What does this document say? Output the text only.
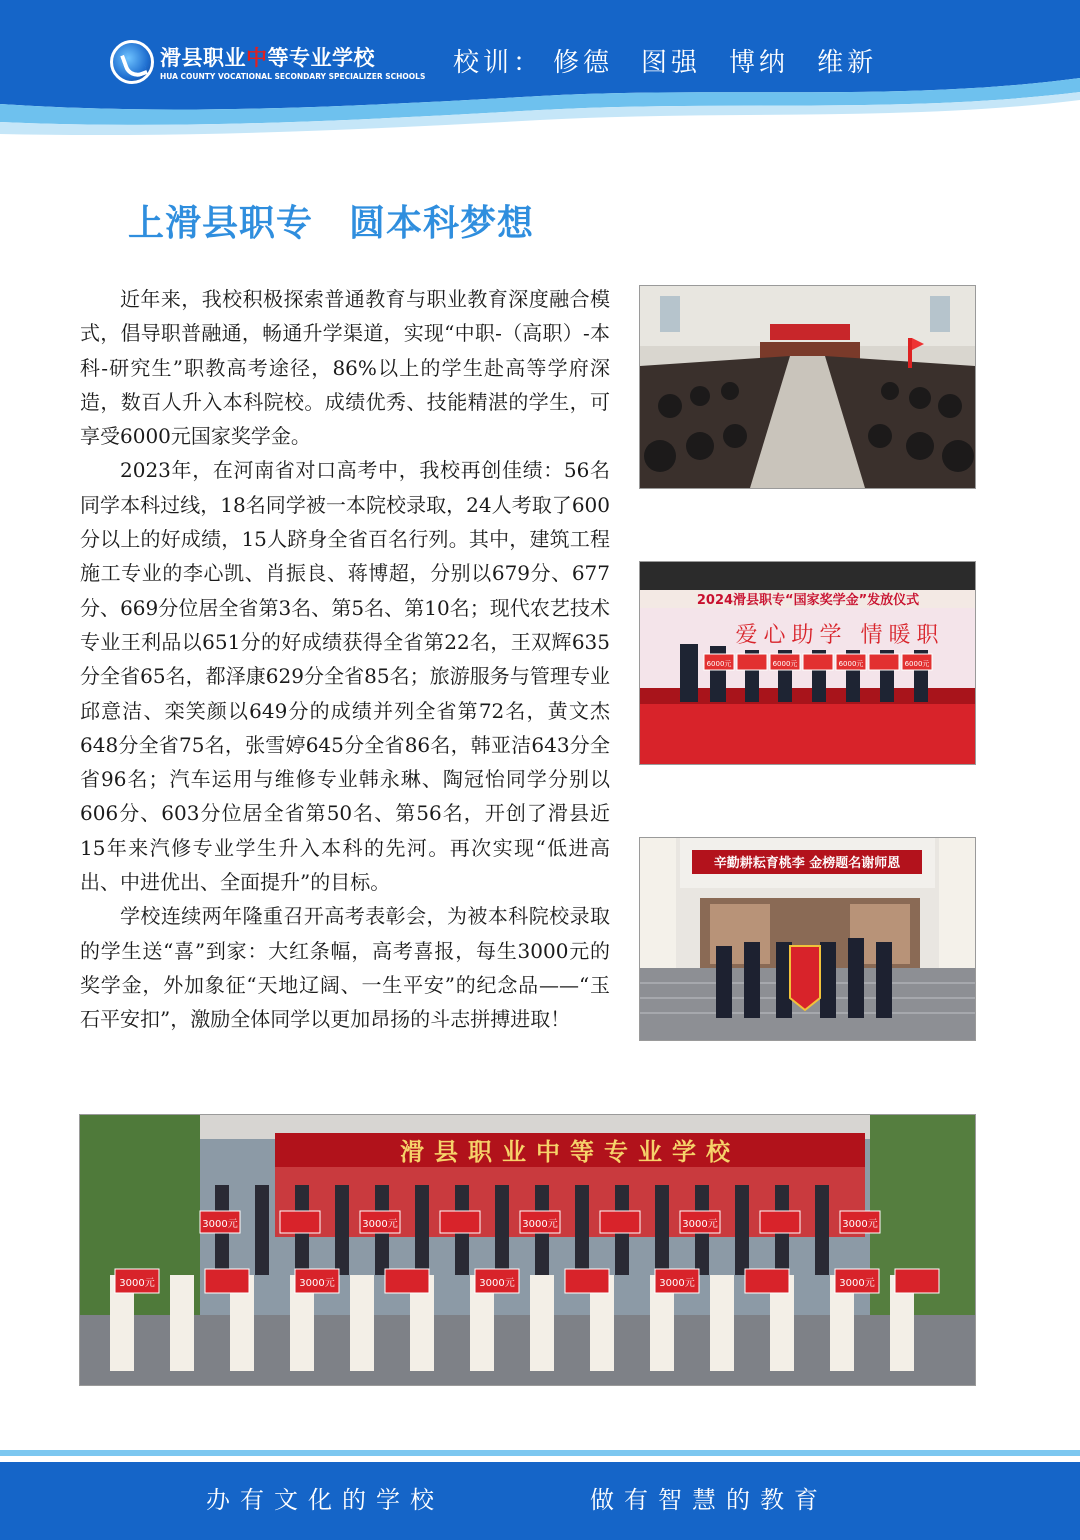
滑县职业中等专业学校
HUA COUNTY VOCATIONAL SECONDARY SPECIALIZER SCHOOLS 校训： 修德 图强 博纳 维新
上滑县职专 圆本科梦想

近年来，我校积极探索普通教育与职业教育深度融合模式，倡导职普融通，畅通升学渠道，实现“中职-（高职）-本科-研究生”职教高考途径，86%以上的学生赴高等学府深造，数百人升入本科院校。成绩优秀、技能精湛的学生，可享受6000元国家奖学金。

2023年，在河南省对口高考中，我校再创佳绩：56名同学本科过线，18名同学被一本院校录取，24人考取了600分以上的好成绩，15人跻身全省百名行列。其中，建筑工程施工专业的李心凯、肖振良、蒋博超，分别以679分、677分、669分位居全省第3名、第5名、第10名；现代农艺技术专业王利品以651分的好成绩获得全省第22名，王双辉635分全省65名，都泽康629分全省85名；旅游服务与管理专业邱意洁、栾笑颜以649分的成绩并列全省第72名，黄文杰648分全省75名，张雪婷645分全省86名，韩亚洁643分全省96名；汽车运用与维修专业韩永琳、陶冠怡同学分别以606分、603分位居全省第50名、第56名，开创了滑县近15年来汽修专业学生升入本科的先河。再次实现“低进高出、中进优出、全面提升”的目标。

学校连续两年隆重召开高考表彰会，为被本科院校录取的学生送“喜”到家：大红条幅，高考喜报，每生3000元的奖学金，外加象征“天地辽阔、一生平安”的纪念品——“玉石平安扣”，激励全体同学以更加昂扬的斗志拼搏进取！

2024滑县职专“国家奖学金”发放仪式
爱心助学 情暖职
6000元	6000元	6000元	6000元
辛勤耕耘育桃李 金榜题名谢师恩
滑县职业中等专业学校
3000元	3000元	3000元	3000元	3000元
3000元	3000元	3000元	3000元	3000元
办有文化的学校	做有智慧的教育
